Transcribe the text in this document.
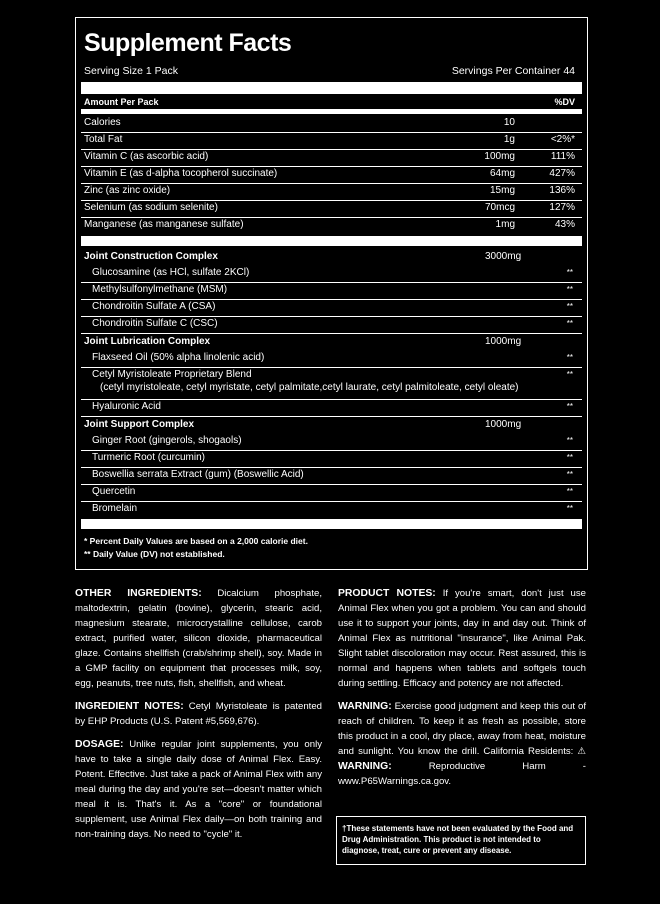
Supplement Facts
Serving Size 1 Pack	Servings Per Container 44
Amount Per Pack	%DV
Calories	10
Total Fat	1g	<2%*
Vitamin C (as ascorbic acid)	100mg	111%
Vitamin E (as d-alpha tocopherol succinate)	64mg	427%
Zinc (as zinc oxide)	15mg	136%
Selenium (as sodium selenite)	70mcg	127%
Manganese (as manganese sulfate)	1mg	43%
Joint Construction Complex	3000mg
Glucosamine (as HCl, sulfate 2KCl)	**
Methylsulfonylmethane (MSM)	**
Chondroitin Sulfate A (CSA)	**
Chondroitin Sulfate C (CSC)	**
Joint Lubrication Complex	1000mg
Flaxseed Oil (50% alpha linolenic acid)	**
Cetyl Myristoleate Proprietary Blend	**
(cetyl myristoleate, cetyl myristate, cetyl palmitate,cetyl laurate, cetyl palmitoleate, cetyl oleate)
Hyaluronic Acid	**
Joint Support Complex	1000mg
Ginger Root (gingerols, shogaols)	**
Turmeric Root (curcumin)	**
Boswellia serrata Extract (gum) (Boswellic Acid)	**
Quercetin	**
Bromelain	**
* Percent Daily Values are based on a 2,000 calorie diet.
** Daily Value (DV) not established.

OTHER INGREDIENTS: Dicalcium phosphate, maltodextrin, gelatin (bovine), glycerin, stearic acid, magnesium stearate, microcrystalline cellulose, carob extract, purified water, silicon dioxide, pharmaceutical glaze. Contains shellfish (crab/shrimp shell), soy. Made in a GMP facility on equipment that processes milk, soy, egg, peanuts, tree nuts, fish, shellfish, and wheat.

INGREDIENT NOTES: Cetyl Myristoleate is patented by EHP Products (U.S. Patent #5,569,676).

DOSAGE: Unlike regular joint supplements, you only have to take a single daily dose of Animal Flex. Easy. Potent. Effective. Just take a pack of Animal Flex with any meal during the day and you're set—doesn't matter which meal it is. That's it. As a "core" or foundational supplement, use Animal Flex daily—on both training and non-training days. No need to "cycle" it.

PRODUCT NOTES: If you're smart, don't just use Animal Flex when you got a problem. You can and should use it to support your joints, day in and day out. Think of Animal Flex as nutritional "insurance", like Animal Pak. Slight tablet discoloration may occur. Rest assured, this is normal and happens when tablets and softgels touch during settling. Efficacy and potency are not affected.

WARNING: Exercise good judgment and keep this out of reach of children. To keep it as fresh as possible, store this product in a cool, dry place, away from heat, moisture and sunlight. You know the drill. California Residents: ⚠ WARNING:	Reproductive Harm - www.P65Warnings.ca.gov.

†These statements have not been evaluated by the Food and Drug Administration. This product is not intended to diagnose, treat, cure or prevent any disease.
